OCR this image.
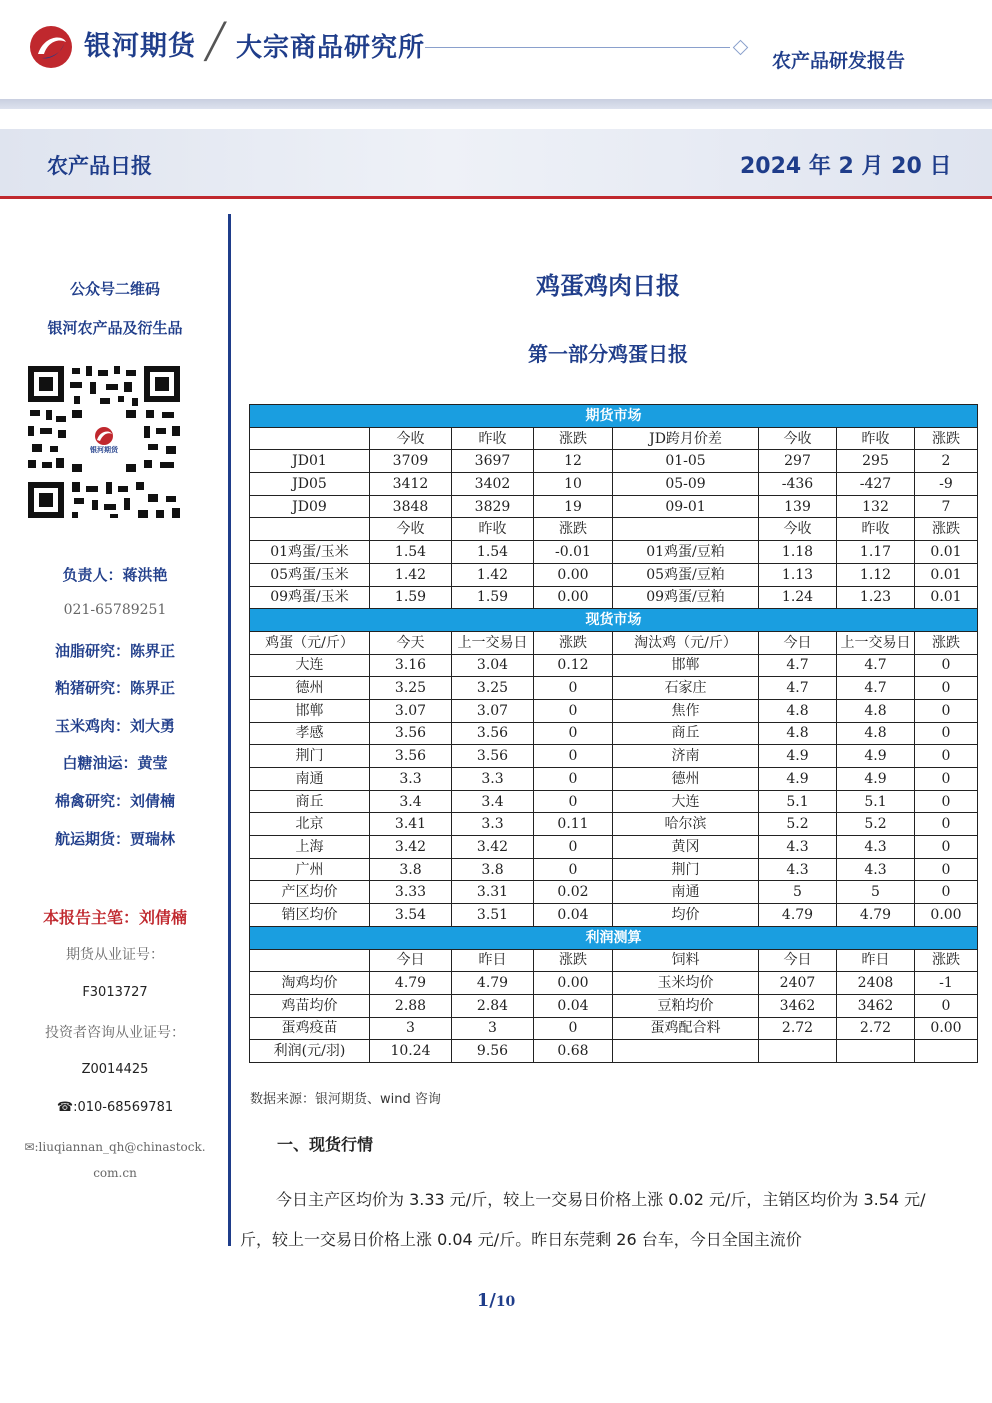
银河期货 ╱ 大宗商品研究所	农产品研发报告
农产品日报	2024 年 2 月 20 日
公众号二维码
银河农产品及衍生品
银河期货
负责人：蒋洪艳
021-65789251
油脂研究：陈界正
粕猪研究：陈界正
玉米鸡肉：刘大勇
白糖油运：黄莹
棉禽研究：刘倩楠
航运期货：贾瑞林
本报告主笔：刘倩楠
期货从业证号：
F3013727
投资者咨询从业证号：
Z0014425
☎:010-68569781
✉:liuqiannan_qh@chinastock.
com.cn
鸡蛋鸡肉日报
第一部分鸡蛋日报
期货市场							
	今收	昨收	涨跌	JD跨月价差	今收	昨收	涨跌
JD01	3709	3697	12	01-05	297	295	2
JD05	3412	3402	10	05-09	-436	-427	-9
JD09	3848	3829	19	09-01	139	132	7
	今收	昨收	涨跌		今收	昨收	涨跌
01鸡蛋/玉米	1.54	1.54	-0.01	01鸡蛋/豆粕	1.18	1.17	0.01
05鸡蛋/玉米	1.42	1.42	0.00	05鸡蛋/豆粕	1.13	1.12	0.01
09鸡蛋/玉米	1.59	1.59	0.00	09鸡蛋/豆粕	1.24	1.23	0.01
现货市场							
鸡蛋（元/斤）	今天	上一交易日	涨跌	淘汰鸡（元/斤）	今日	上一交易日	涨跌
大连	3.16	3.04	0.12	邯郸	4.7	4.7	0
德州	3.25	3.25	0	石家庄	4.7	4.7	0
邯郸	3.07	3.07	0	焦作	4.8	4.8	0
孝感	3.56	3.56	0	商丘	4.8	4.8	0
荆门	3.56	3.56	0	济南	4.9	4.9	0
南通	3.3	3.3	0	德州	4.9	4.9	0
商丘	3.4	3.4	0	大连	5.1	5.1	0
北京	3.41	3.3	0.11	哈尔滨	5.2	5.2	0
上海	3.42	3.42	0	黄冈	4.3	4.3	0
广州	3.8	3.8	0	荆门	4.3	4.3	0
产区均价	3.33	3.31	0.02	南通	5	5	0
销区均价	3.54	3.51	0.04	均价	4.79	4.79	0.00
利润测算							
	今日	昨日	涨跌	饲料	今日	昨日	涨跌
淘鸡均价	4.79	4.79	0.00	玉米均价	2407	2408	-1
鸡苗均价	2.88	2.84	0.04	豆粕均价	3462	3462	0
蛋鸡疫苗	3	3	0	蛋鸡配合料	2.72	2.72	0.00
利润(元/羽)	10.24	9.56	0.68				
数据来源：银河期货、wind 咨询
一、现货行情
今日主产区均价为 3.33 元/斤，较上一交易日价格上涨 0.02 元/斤，主销区均价为 3.54 元/斤，较上一交易日价格上涨 0.04 元/斤。昨日东莞剩 26 台车，今日全国主流价
1/10
